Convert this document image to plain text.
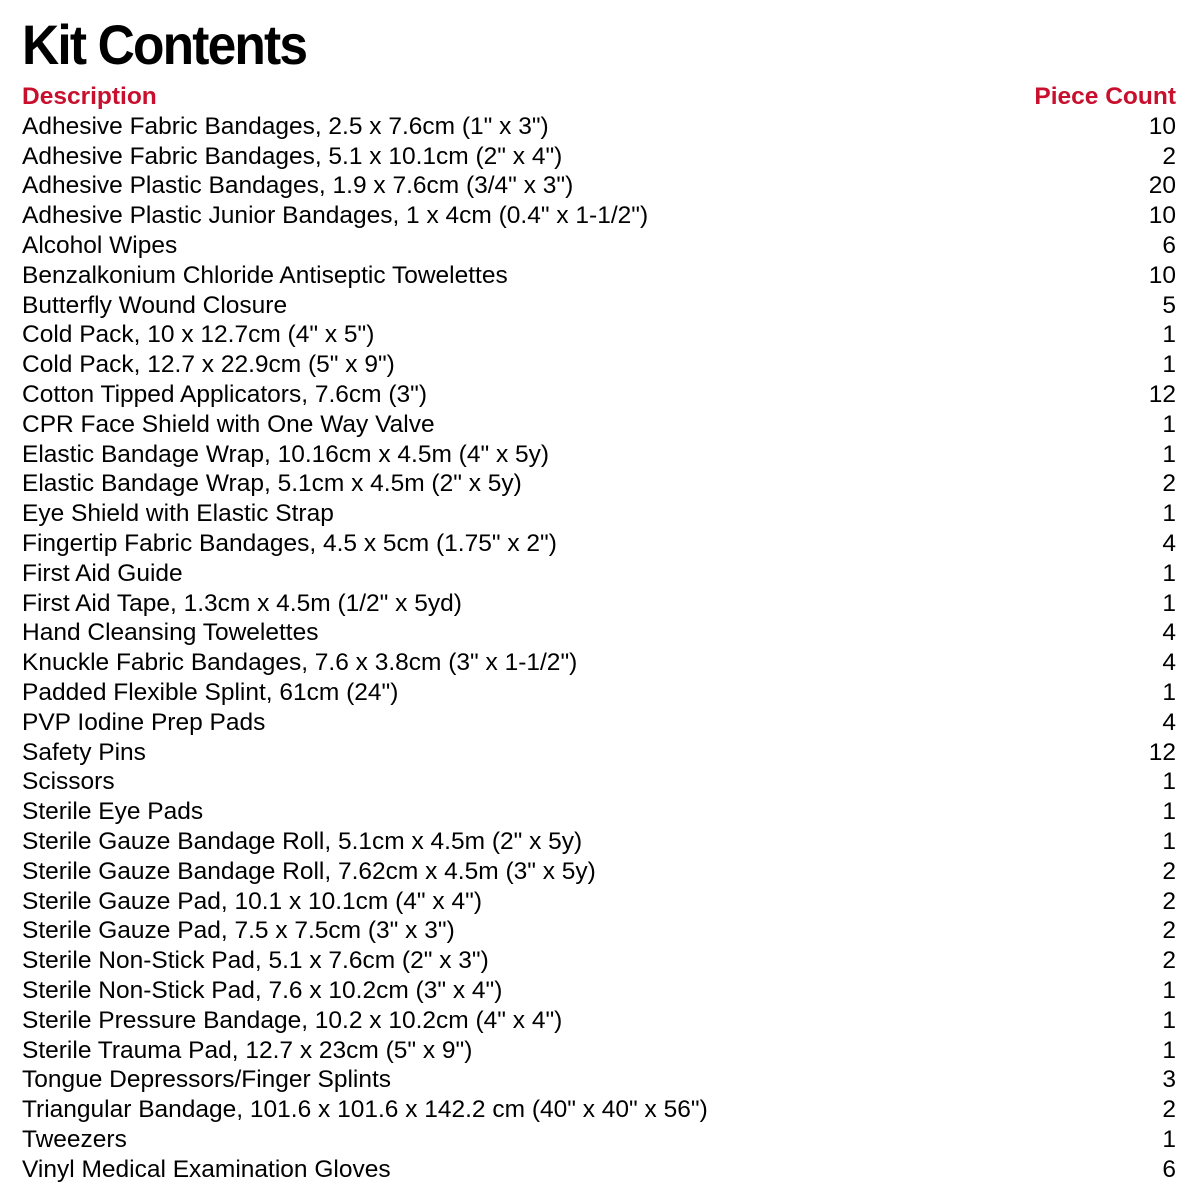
Kit Contents
Description	Piece Count
Adhesive Fabric Bandages, 2.5 x 7.6cm (1" x 3")	10
Adhesive Fabric Bandages, 5.1 x 10.1cm (2" x 4")	2
Adhesive Plastic Bandages, 1.9 x 7.6cm (3/4" x 3")	20
Adhesive Plastic Junior Bandages, 1 x 4cm (0.4" x 1-1/2")	10
Alcohol Wipes	6
Benzalkonium Chloride Antiseptic Towelettes	10
Butterfly Wound Closure	5
Cold Pack, 10 x 12.7cm (4" x 5")	1
Cold Pack, 12.7 x 22.9cm (5" x 9")	1
Cotton Tipped Applicators, 7.6cm (3")	12
CPR Face Shield with One Way Valve	1
Elastic Bandage Wrap, 10.16cm x 4.5m (4" x 5y)	1
Elastic Bandage Wrap, 5.1cm x 4.5m (2" x 5y)	2
Eye Shield with Elastic Strap	1
Fingertip Fabric Bandages, 4.5 x 5cm (1.75" x 2")	4
First Aid Guide	1
First Aid Tape, 1.3cm x 4.5m (1/2" x 5yd)	1
Hand Cleansing Towelettes	4
Knuckle Fabric Bandages, 7.6 x 3.8cm (3" x 1-1/2")	4
Padded Flexible Splint, 61cm (24")	1
PVP Iodine Prep Pads	4
Safety Pins	12
Scissors	1
Sterile Eye Pads	1
Sterile Gauze Bandage Roll, 5.1cm x 4.5m (2" x 5y)	1
Sterile Gauze Bandage Roll, 7.62cm x 4.5m (3" x 5y)	2
Sterile Gauze Pad, 10.1 x 10.1cm (4" x 4")	2
Sterile Gauze Pad, 7.5 x 7.5cm (3" x 3")	2
Sterile Non-Stick Pad, 5.1 x 7.6cm (2" x 3")	2
Sterile Non-Stick Pad, 7.6 x 10.2cm (3" x 4")	1
Sterile Pressure Bandage, 10.2 x 10.2cm (4" x 4")	1
Sterile Trauma Pad, 12.7 x 23cm (5" x 9")	1
Tongue Depressors/Finger Splints	3
Triangular Bandage, 101.6 x 101.6 x 142.2 cm (40" x 40" x 56")	2
Tweezers	1
Vinyl Medical Examination Gloves	6
